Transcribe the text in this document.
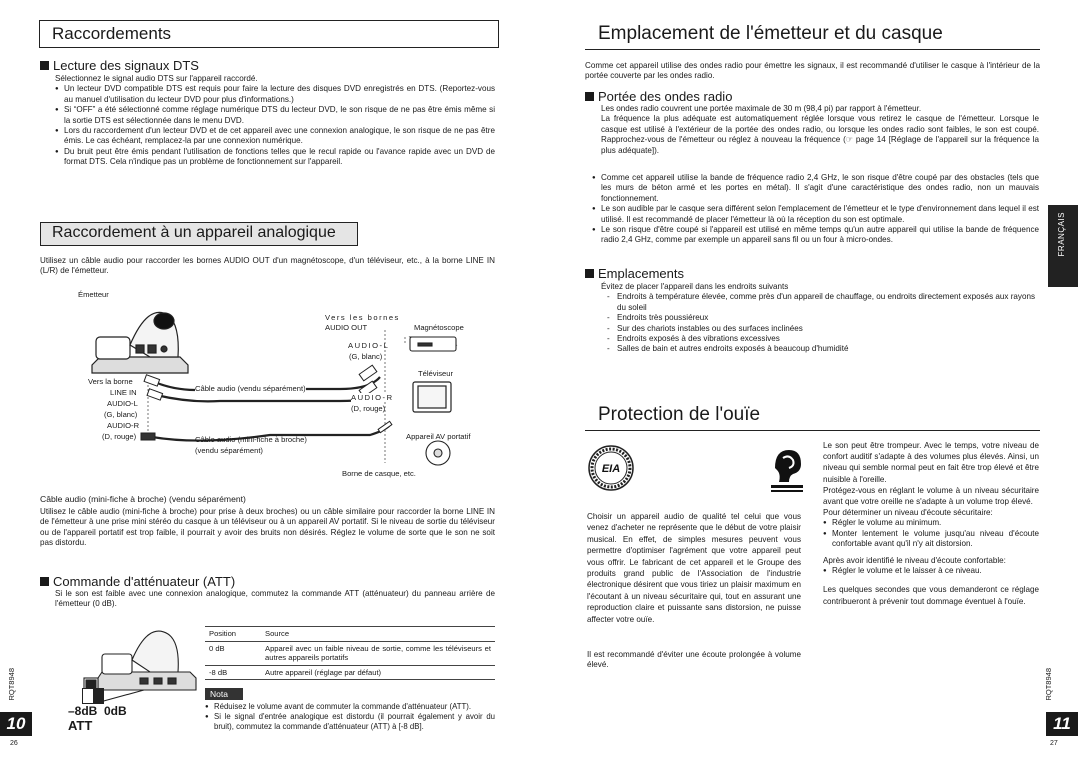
Raccordements
Lecture des signaux DTS
Sélectionnez le signal audio DTS sur l'appareil raccordé.

● Un lecteur DVD compatible DTS est requis pour faire la lecture des disques DVD enregistrés en DTS. (Reportez-vous au manuel d'utilisation du lecteur DVD pour plus d'informations.)

● Si “OFF” a été sélectionné comme réglage numérique DTS du lecteur DVD, le son risque de ne pas être émis même si la sortie DTS est sélectionnée dans le menu DVD.

● Lors du raccordement d'un lecteur DVD et de cet appareil avec une connexion analogique, le son risque de ne pas être émis. Le cas échéant, remplacez-la par une connexion numérique.

● Du bruit peut être émis pendant l'utilisation de fonctions telles que le recul rapide ou l'avance rapide avec un DVD de format DTS. Cela n'indique pas un problème de fonctionnement sur l'appareil.

Raccordement à un appareil analogique
Utilisez un câble audio pour raccorder les bornes AUDIO OUT d'un magnétoscope, d'un téléviseur, etc., à la borne LINE IN (L/R) de l'émetteur.
Émetteur
Vers les bornes
AUDIO OUT	Magnétoscope
AUDIO-L
(G, blanc)
Téléviseur
Vers la borne
LINE IN
AUDIO-L
(G, blanc)
AUDIO-R
(D, rouge)
Câble audio (vendu séparément)
AUDIO-R
(D, rouge)
Câble audio (mini-fiche à broche)
(vendu séparément)
Appareil AV portatif
Borne de casque, etc.
Câble audio (mini-fiche à broche) (vendu séparément)
Utilisez le câble audio (mini-fiche à broche) pour prise à deux broches) ou un câble similaire pour raccorder la borne LINE IN de l'émetteur à une prise mini stéréo du casque à un téléviseur ou à un appareil AV portatif. Si le niveau de sortie du téléviseur ou de l'appareil portatif est trop faible, il pourrait y avoir des bruits non désirés. Réglez le volume de sorte que le son ne soit pas distordu.
Commande d'atténuateur (ATT)
Si le son est faible avec une connexion analogique, commutez la commande ATT (atténuateur) du panneau arrière de l'émetteur (0 dB).
–8dB  0dB
ATT
Position	Source
0 dB	Appareil avec un faible niveau de sortie, comme les téléviseurs et autres appareils portatifs
-8 dB	Autre appareil (réglage par défaut)
Nota

● Réduisez le volume avant de commuter la commande d'atténuateur (ATT).

● Si le signal d'entrée analogique est distordu (il pourrait également y avoir du bruit), commutez la commande d'atténuateur (ATT) à [-8 dB].

RQT8948
10
26
Emplacement de l'émetteur et du casque
Comme cet appareil utilise des ondes radio pour émettre les signaux, il est recommandé d'utiliser le casque à l'intérieur de la portée couverte par les ondes radio.
Portée des ondes radio
Les ondes radio couvrent une portée maximale de 30 m (98,4 pi) par rapport à l'émetteur.
La fréquence la plus adéquate est automatiquement réglée lorsque vous retirez le casque de l'émetteur. Lorsque le casque est utilisé à l'extérieur de la portée des ondes radio, ou lorsque les ondes radio sont faibles, le son est coupé. Rapprochez-vous de l'émetteur ou réglez à nouveau la fréquence (☞ page 14 [Réglage de l'appareil sur la fréquence la plus adéquate]).

● Comme cet appareil utilise la bande de fréquence radio 2,4 GHz, le son risque d'être coupé par des obstacles (tels que les murs de béton armé et les portes en métal). Il s'agit d'une caractéristique des ondes radio, non un mauvais fonctionnement.

● Le son audible par le casque sera différent selon l'emplacement de l'émetteur et le type d'environnement dans lequel il est utilisé. Il est recommandé de placer l'émetteur là où la réception du son est optimale.

● Le son risque d'être coupé si l'appareil est utilisé en même temps qu'un autre appareil qui utilise la bande de fréquence radio 2,4 GHz, comme par exemple un appareil sans fil ou un four à micro-ondes.

Emplacements
Évitez de placer l'appareil dans les endroits suivants

- Endroits à température élevée, comme près d'un appareil de chauffage, ou endroits directement exposés aux rayons du soleil

- Endroits très poussiéreux

- Sur des chariots instables ou des surfaces inclinées

- Endroits exposés à des vibrations excessives

- Salles de bain et autres endroits exposés à beaucoup d'humidité

Protection de l'ouïe
EIA
Choisir un appareil audio de qualité tel celui que vous venez d'acheter ne représente que le début de votre plaisir musical. En effet, de simples mesures peuvent vous permettre d'optimiser l'agrément que votre appareil peut vous offrir. Le fabricant de cet appareil et le Groupe des produits grand public de l'Association de l'industrie électronique désirent que vous tiriez un plaisir maximum en l'écoutant à un niveau sécuritaire qui, tout en assurant une reproduction claire et puissante sans distorsion, ne puisse affecter votre ouïe.
Il est recommandé d'éviter une écoute prolongée à volume élevé.
Le son peut être trompeur. Avec le temps, votre niveau de confort auditif s'adapte à des volumes plus élevés. Ainsi, un niveau qui semble normal peut en fait être trop élevé et être nuisible à l'oreille.
Protégez-vous en réglant le volume à un niveau sécuritaire avant que votre oreille ne s'adapte à un volume trop élevé.
Pour déterminer un niveau d'écoute sécuritaire:

● Régler le volume au minimum.

● Monter lentement le volume jusqu'au niveau d'écoute confortable avant qu'il n'y ait distorsion.

Après avoir identifié le niveau d'écoute confortable:

● Régler le volume et le laisser à ce niveau.

Les quelques secondes que vous demanderont ce réglage contribueront à prévenir tout dommage éventuel à l'ouïe.
FRANÇAIS
RQT8948
11
27
